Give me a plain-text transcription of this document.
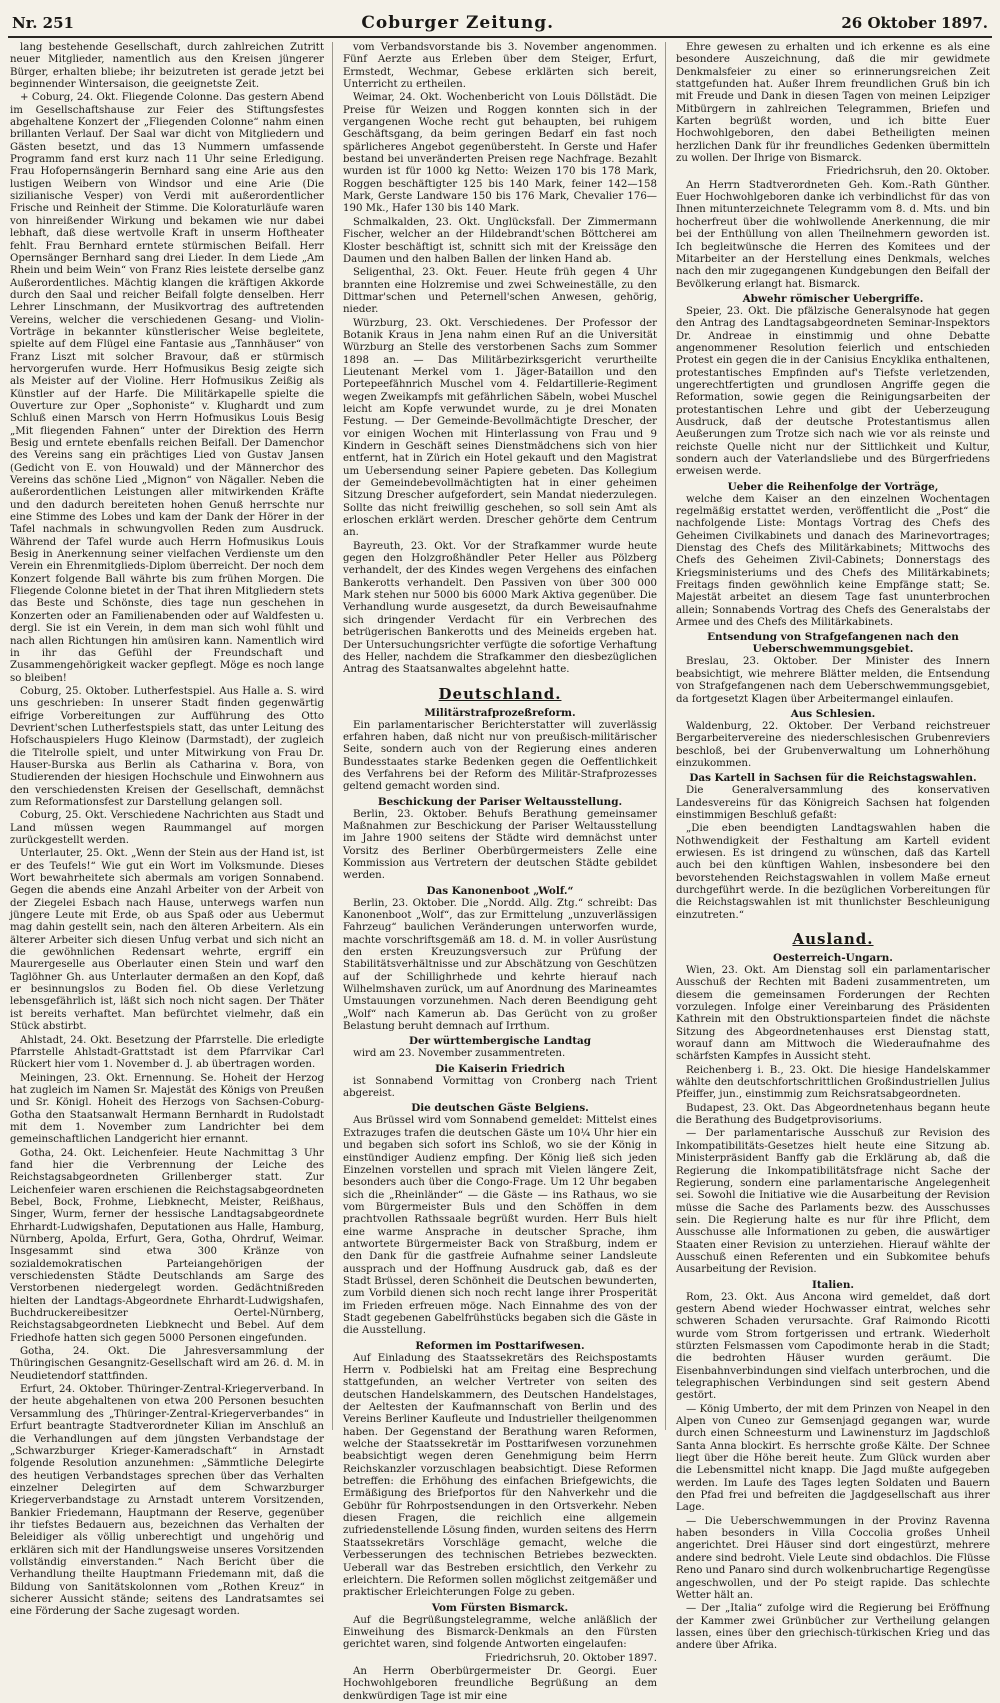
Nr. 251	Coburger Zeitung.	26 Oktober 1897.

lang bestehende Gesellschaft, durch zahlreichen Zutritt neuer Mitglieder, namentlich aus den Kreisen jüngerer Bürger, erhalten bliebe; ihr beizutreten ist gerade jetzt bei beginnender Wintersaison, die geeignetste Zeit.

+ Coburg, 24. Okt. Fliegende Colonne. Das gestern Abend im Gesellschaftshause zur Feier des Stiftungsfestes abgehaltene Konzert der „Fliegenden Colonne“ nahm einen brillanten Verlauf. Der Saal war dicht von Mitgliedern und Gästen besetzt, und das 13 Nummern umfassende Programm fand erst kurz nach 11 Uhr seine Erledigung. Frau Hofopernsängerin Bernhard sang eine Arie aus den lustigen Weibern von Windsor und eine Arie (Die sizilianische Vesper) von Verdi mit außerordentlicher Frische und Reinheit der Stimme. Die Koloraturläufe waren von hinreißender Wirkung und bekamen wie nur dabei lebhaft, daß diese wertvolle Kraft in unserm Hoftheater fehlt. Frau Bernhard erntete stürmischen Beifall. Herr Opernsänger Bernhard sang drei Lieder. In dem Liede „Am Rhein und beim Wein“ von Franz Ries leistete derselbe ganz Außerordentliches. Mächtig klangen die kräftigen Akkorde durch den Saal und reicher Beifall folgte denselben. Herr Lehrer Linschmann, der Musikvortrag des auftretenden Vereins, welcher die verschiedenen Gesang- und Violin-Vorträge in bekannter künstlerischer Weise begleitete, spielte auf dem Flügel eine Fantasie aus „Tannhäuser“ von Franz Liszt mit solcher Bravour, daß er stürmisch hervorgerufen wurde. Herr Hofmusikus Besig zeigte sich als Meister auf der Violine. Herr Hofmusikus Zeißig als Künstler auf der Harfe. Die Militärkapelle spielte die Ouverture zur Oper „Sophoniste“ v. Klughardt und zum Schluß einen Marsch von Herrn Hofmusikus Louis Besig „Mit fliegenden Fahnen“ unter der Direktion des Herrn Besig und erntete ebenfalls reichen Beifall. Der Damenchor des Vereins sang ein prächtiges Lied von Gustav Jansen (Gedicht von E. von Houwald) und der Männerchor des Vereins das schöne Lied „Mignon“ von Nägaller. Neben die außerordentlichen Leistungen aller mitwirkenden Kräfte und den dadurch bereiteten hohen Genuß herrschte nur eine Stimme des Lobes und kam der Dank der Hörer in der Tafel nachmals in schwungvollen Reden zum Ausdruck. Während der Tafel wurde auch Herrn Hofmusikus Louis Besig in Anerkennung seiner vielfachen Verdienste um den Verein ein Ehrenmitglieds-Diplom überreicht. Der noch dem Konzert folgende Ball währte bis zum frühen Morgen. Die Fliegende Colonne bietet in der That ihren Mitgliedern stets das Beste und Schönste, dies tage nun geschehen in Konzerten oder an Familienabenden oder auf Waldfesten u. dergl. Sie ist ein Verein, in dem man sich wohl fühlt und nach allen Richtungen hin amüsiren kann. Namentlich wird in ihr das Gefühl der Freundschaft und Zusammengehörigkeit wacker gepflegt. Möge es noch lange so bleiben!

Coburg, 25. Oktober. Lutherfestspiel. Aus Halle a. S. wird uns geschrieben: In unserer Stadt finden gegenwärtig eifrige Vorbereitungen zur Aufführung des Otto Devrient'schen Lutherfestspiels statt, das unter Leitung des Hofschauspielers Hugo Kleinow (Darmstadt), der zugleich die Titelrolle spielt, und unter Mitwirkung von Frau Dr. Hauser-Burska aus Berlin als Catharina v. Bora, von Studierenden der hiesigen Hochschule und Einwohnern aus den verschiedensten Kreisen der Gesellschaft, demnächst zum Reformationsfest zur Darstellung gelangen soll.

Coburg, 25. Okt. Verschiedene Nachrichten aus Stadt und Land müssen wegen Raummangel auf morgen zurückgestellt werden.

Unterlauter, 25. Okt. „Wenn der Stein aus der Hand ist, ist er des Teufels!“ Wie gut ein Wort im Volksmunde. Dieses Wort bewahrheitete sich abermals am vorigen Sonnabend. Gegen die abends eine Anzahl Arbeiter von der Arbeit von der Ziegelei Esbach nach Hause, unterwegs warfen nun jüngere Leute mit Erde, ob aus Spaß oder aus Uebermut mag dahin gestellt sein, nach den älteren Arbeitern. Als ein älterer Arbeiter sich diesen Unfug verbat und sich nicht an die gewöhnlichen Redensart wehrte, ergriff ein Maurergeselle aus Oberlauter einen Stein und warf den Taglöhner Gh. aus Unterlauter dermaßen an den Kopf, daß er besinnungslos zu Boden fiel. Ob diese Verletzung lebensgefährlich ist, läßt sich noch nicht sagen. Der Thäter ist bereits verhaftet. Man befürchtet vielmehr, daß ein Stück abstirbt.

Ahlstadt, 24. Okt. Besetzung der Pfarrstelle. Die erledigte Pfarrstelle Ahlstadt-Grattstadt ist dem Pfarrvikar Carl Rückert hier vom 1. November d. J. ab übertragen worden.

Meiningen, 23. Okt. Ernennung. Se. Hoheit der Herzog hat zugleich im Namen Sr. Majestät des Königs von Preußen und Sr. Königl. Hoheit des Herzogs von Sachsen-Coburg-Gotha den Staatsanwalt Hermann Bernhardt in Rudolstadt mit dem 1. November zum Landrichter bei dem gemeinschaftlichen Landgericht hier ernannt.

Gotha, 24. Okt. Leichenfeier. Heute Nachmittag 3 Uhr fand hier die Verbrennung der Leiche des Reichstagsabgeordneten Grillenberger statt. Zur Leichenfeier waren erschienen die Reichstagsabgeordneten Bebel, Bock, Frohme, Liebknecht, Meister, Reißhaus, Singer, Wurm, ferner der hessische Landtagsabgeordnete Ehrhardt-Ludwigshafen, Deputationen aus Halle, Hamburg, Nürnberg, Apolda, Erfurt, Gera, Gotha, Ohrdruf, Weimar. Insgesammt sind etwa 300 Kränze von sozialdemokratischen Parteiangehörigen der verschiedensten Städte Deutschlands am Sarge des Verstorbenen niedergelegt worden. Gedächtnißreden hielten der Landtags-Abgeordnete Ehrhardt-Ludwigshafen, Buchdruckereibesitzer Oertel-Nürnberg, Reichstagsabgeordneten Liebknecht und Bebel. Auf dem Friedhofe hatten sich gegen 5000 Personen eingefunden.

Gotha, 24. Okt. Die Jahresversammlung der Thüringischen Gesangnitz-Gesellschaft wird am 26. d. M. in Neudietendorf stattfinden.

Erfurt, 24. Oktober. Thüringer-Zentral-Kriegerverband. In der heute abgehaltenen von etwa 200 Personen besuchten Versammlung des „Thüringer-Zentral-Kriegerverbandes“ in Erfurt beantragte Stadtverordneter Kilian im Anschluß an die Verhandlungen auf dem jüngsten Verbandstage der „Schwarzburger Krieger-Kameradschaft“ in Arnstadt folgende Resolution anzunehmen: „Sämmtliche Delegirte des heutigen Verbandstages sprechen über das Verhalten einzelner Delegirten auf dem Schwarzburger Kriegerverbandstage zu Arnstadt unterem Vorsitzenden, Bankier Friedemann, Hauptmann der Reserve, gegenüber ihr tiefstes Bedauern aus, bezeichnen das Verhalten der Beleidiger als völlig unberechtigt und ungehörig und erklären sich mit der Handlungsweise unseres Vorsitzenden vollständig einverstanden.“ Nach Bericht über die Verhandlung theilte Hauptmann Friedemann mit, daß die Bildung von Sanitätskolonnen vom „Rothen Kreuz“ in sicherer Aussicht stände; seitens des Landratsamtes sei eine Förderung der Sache zugesagt worden.

vom Verbandsvorstande bis 3. November angenommen. Fünf Aerzte aus Erleben über dem Steiger, Erfurt, Ermstedt, Wechmar, Gebese erklärten sich bereit, Unterricht zu ertheilen.

Weimar, 24. Okt. Wochenbericht von Louis Döllstädt. Die Preise für Weizen und Roggen konnten sich in der vergangenen Woche recht gut behaupten, bei ruhigem Geschäftsgang, da beim geringen Bedarf ein fast noch spärlicheres Angebot gegenübersteht. In Gerste und Hafer bestand bei unveränderten Preisen rege Nachfrage. Bezahlt wurden ist für 1000 kg Netto: Weizen 170 bis 178 Mark, Roggen beschäftigter 125 bis 140 Mark, feiner 142—158 Mark, Gerste Landware 150 bis 176 Mark, Chevalier 176—190 Mk., Hafer 130 bis 140 Mark.

Schmalkalden, 23. Okt. Unglücksfall. Der Zimmermann Fischer, welcher an der Hildebrandt'schen Böttcherei am Kloster beschäftigt ist, schnitt sich mit der Kreissäge den Daumen und den halben Ballen der linken Hand ab.

Seligenthal, 23. Okt. Feuer. Heute früh gegen 4 Uhr brannten eine Holzremise und zwei Schweineställe, zu den Dittmar'schen und Peternell'schen Anwesen, gehörig, nieder.

Würzburg, 23. Okt. Verschiedenes. Der Professor der Botanik Kraus in Jena nahm einen Ruf an die Universität Würzburg an Stelle des verstorbenen Sachs zum Sommer 1898 an. — Das Militärbezirksgericht verurtheilte Lieutenant Merkel vom 1. Jäger-Bataillon und den Portepeefähnrich Muschel vom 4. Feldartillerie-Regiment wegen Zweikampfs mit gefährlichen Säbeln, wobei Muschel leicht am Kopfe verwundet wurde, zu je drei Monaten Festung. — Der Gemeinde-Bevollmächtigte Drescher, der vor einigen Wochen mit Hinterlassung von Frau und 9 Kindern in Geschäft seines Dienstmädchens sich von hier entfernt, hat in Zürich ein Hotel gekauft und den Magistrat um Uebersendung seiner Papiere gebeten. Das Kollegium der Gemeindebevollmächtigten hat in einer geheimen Sitzung Drescher aufgefordert, sein Mandat niederzulegen. Sollte das nicht freiwillig geschehen, so soll sein Amt als erloschen erklärt werden. Drescher gehörte dem Centrum an.

Bayreuth, 23. Okt. Vor der Strafkammer wurde heute gegen den Holzgroßhändler Peter Heller aus Pölzberg verhandelt, der des Kindes wegen Vergehens des einfachen Bankerotts verhandelt. Den Passiven von über 300 000 Mark stehen nur 5000 bis 6000 Mark Aktiva gegenüber. Die Verhandlung wurde ausgesetzt, da durch Beweisaufnahme sich dringender Verdacht für ein Verbrechen des betrügerischen Bankerotts und des Meineids ergeben hat. Der Untersuchungsrichter verfügte die sofortige Verhaftung des Heller, nachdem die Strafkammer den diesbezüglichen Antrag des Staatsanwaltes abgelehnt hatte.

Deutschland.
Militärstrafprozeßreform.

Ein parlamentarischer Berichterstatter will zuverlässig erfahren haben, daß nicht nur von preußisch-militärischer Seite, sondern auch von der Regierung eines anderen Bundesstaates starke Bedenken gegen die Oeffentlichkeit des Verfahrens bei der Reform des Militär-Strafprozesses geltend gemacht worden sind.

Beschickung der Pariser Weltausstellung.

Berlin, 23. Oktober. Behufs Berathung gemeinsamer Maßnahmen zur Beschickung der Pariser Weltausstellung im Jahre 1900 seitens der Städte wird demnächst unter Vorsitz des Berliner Oberbürgermeisters Zelle eine Kommission aus Vertretern der deutschen Städte gebildet werden.

Das Kanonenboot „Wolf.“

Berlin, 23. Oktober. Die „Nordd. Allg. Ztg.“ schreibt: Das Kanonenboot „Wolf“, das zur Ermittelung „unzuverlässigen Fahrzeug“ baulichen Veränderungen unterworfen wurde, machte vorschriftsgemäß am 18. d. M. in voller Ausrüstung den ersten Kreuzungsversuch zur Prüfung der Stabilitätsverhältnisse und zur Abschätzung von Geschützen auf der Schillighrhede und kehrte hierauf nach Wilhelmshaven zurück, um auf Anordnung des Marineamtes Umstauungen vorzunehmen. Nach deren Beendigung geht „Wolf“ nach Kamerun ab. Das Gerücht von zu großer Belastung beruht demnach auf Irrthum.

Der württembergische Landtag

wird am 23. November zusammentreten.

Die Kaiserin Friedrich

ist Sonnabend Vormittag von Cronberg nach Trient abgereist.

Die deutschen Gäste Belgiens.

Aus Brüssel wird vom Sonnabend gemeldet: Mittelst eines Extrazuges trafen die deutschen Gäste um 10¼ Uhr hier ein und begaben sich sofort ins Schloß, wo sie der König in einstündiger Audienz empfing. Der König ließ sich jeden Einzelnen vorstellen und sprach mit Vielen längere Zeit, besonders auch über die Congo-Frage. Um 12 Uhr begaben sich die „Rheinländer“ — die Gäste — ins Rathaus, wo sie vom Bürgermeister Buls und den Schöffen in dem prachtvollen Rathssaale begrüßt wurden. Herr Buls hielt eine warme Ansprache in deutscher Sprache, ihm antwortete Bürgermeister Back von Straßburg, indem er den Dank für die gastfreie Aufnahme seiner Landsleute aussprach und der Hoffnung Ausdruck gab, daß es der Stadt Brüssel, deren Schönheit die Deutschen bewunderten, zum Vorbild dienen sich noch recht lange ihrer Prosperität im Frieden erfreuen möge. Nach Einnahme des von der Stadt gegebenen Gabelfrühstücks begaben sich die Gäste in die Ausstellung.

Reformen im Posttarifwesen.

Auf Einladung des Staatssekretärs des Reichspostamts Herrn v. Podbielski hat am Freitag eine Besprechung stattgefunden, an welcher Vertreter von seiten des deutschen Handelskammern, des Deutschen Handelstages, der Aeltesten der Kaufmannschaft von Berlin und des Vereins Berliner Kaufleute und Industrieller theilgenommen haben. Der Gegenstand der Berathung waren Reformen, welche der Staatssekretär im Posttarifwesen vorzunehmen beabsichtigt wegen deren Genehmigung beim Herrn Reichskanzler vorzuschlagen beabsichtigt. Diese Reformen betreffen: die Erhöhung des einfachen Briefgewichts, die Ermäßigung des Briefportos für den Nahverkehr und die Gebühr für Rohrpostsendungen in den Ortsverkehr. Neben diesen Fragen, die reichlich eine allgemein zufriedenstellende Lösung finden, wurden seitens des Herrn Staatssekretärs Vorschläge gemacht, welche die Verbesserungen des technischen Betriebes bezweckten. Ueberall war das Bestreben ersichtlich, den Verkehr zu erleichtern. Die Reformen sollen möglichst zeitgemäßer und praktischer Erleichterungen Folge zu geben.

Vom Fürsten Bismarck.

Auf die Begrüßungstelegramme, welche anläßlich der Einweihung des Bismarck-Denkmals an den Fürsten gerichtet waren, sind folgende Antworten eingelaufen:

Friedrichsruh, 20. Oktober 1897.

An Herrn Oberbürgermeister Dr. Georgi. Euer Hochwohlgeboren freundliche Begrüßung an dem denkwürdigen Tage ist mir eine

Ehre gewesen zu erhalten und ich erkenne es als eine besondere Auszeichnung, daß die mir gewidmete Denkmalsfeier zu einer so erinnerungsreichen Zeit stattgefunden hat. Außer Ihrem freundlichen Gruß bin ich mit Freude und Dank in diesen Tagen von meinen Leipziger Mitbürgern in zahlreichen Telegrammen, Briefen und Karten begrüßt worden, und ich bitte Euer Hochwohlgeboren, den dabei Betheiligten meinen herzlichen Dank für ihr freundliches Gedenken übermitteln zu wollen. Der Ihrige von Bismarck.

Friedrichsruh, den 20. Oktober.

An Herrn Stadtverordneten Geh. Kom.-Rath Günther. Euer Hochwohlgeboren danke ich verbindlichst für das von Ihnen mitunterzeichnete Telegramm vom 8. d. Mts. und bin hocherfreut über die wohlwollende Anerkennung, die mir bei der Enthüllung von allen Theilnehmern geworden ist. Ich begleitwünsche die Herren des Komitees und der Mitarbeiter an der Herstellung eines Denkmals, welches nach den mir zugegangenen Kundgebungen den Beifall der Bevölkerung erlangt hat. Bismarck.

Abwehr römischer Uebergriffe.

Speier, 23. Okt. Die pfälzische Generalsynode hat gegen den Antrag des Landtagsabgeordneten Seminar-Inspektors Dr. Andreae in einstimmig und ohne Debatte angenommener Resolution feierlich und entschieden Protest ein gegen die in der Canisius Encyklika enthaltenen, protestantisches Empfinden auf's Tiefste verletzenden, ungerechtfertigten und grundlosen Angriffe gegen die Reformation, sowie gegen die Reinigungsarbeiten der protestantischen Lehre und gibt der Ueberzeugung Ausdruck, daß der deutsche Protestantismus allen Aeußerungen zum Trotze sich nach wie vor als reinste und reichste Quelle nicht nur der Sittlichkeit und Kultur, sondern auch der Vaterlandsliebe und des Bürgerfriedens erweisen werde.

Ueber die Reihenfolge der Vorträge,

welche dem Kaiser an den einzelnen Wochentagen regelmäßig erstattet werden, veröffentlicht die „Post“ die nachfolgende Liste: Montags Vortrag des Chefs des Geheimen Civilkabinets und danach des Marinevortrages; Dienstag des Chefs des Militärkabinets; Mittwochs des Chefs des Geheimen Zivil-Cabinets; Donnerstags des Kriegsministeriums und des Chefs des Militärkabinets; Freitags finden gewöhnlich keine Empfänge statt; Se. Majestät arbeitet an diesem Tage fast ununterbrochen allein; Sonnabends Vortrag des Chefs des Generalstabs der Armee und des Chefs des Militärkabinets.

Entsendung von Strafgefangenen nach den Ueberschwemmungsgebiet.

Breslau, 23. Oktober. Der Minister des Innern beabsichtigt, wie mehrere Blätter melden, die Entsendung von Strafgefangenen nach dem Ueberschwemmungsgebiet, da fortgesetzt Klagen über Arbeitermangel einlaufen.

Aus Schlesien.

Waldenburg, 22. Oktober. Der Verband reichstreuer Bergarbeitervereine des niederschlesischen Grubenreviers beschloß, bei der Grubenverwaltung um Lohnerhöhung einzukommen.

Das Kartell in Sachsen für die Reichstagswahlen.

Die Generalversammlung des konservativen Landesvereins für das Königreich Sachsen hat folgenden einstimmigen Beschluß gefaßt:

„Die eben beendigten Landtagswahlen haben die Nothwendigkeit der Festhaltung am Kartell evident erwiesen. Es ist dringend zu wünschen, daß das Kartell auch bei den künftigen Wahlen, insbesondere bei den bevorstehenden Reichstagswahlen in vollem Maße erneut durchgeführt werde. In die bezüglichen Vorbereitungen für die Reichstagswahlen ist mit thunlichster Beschleunigung einzutreten.“

Ausland.
Oesterreich-Ungarn.

Wien, 23. Okt. Am Dienstag soll ein parlamentarischer Ausschuß der Rechten mit Badeni zusammentreten, um diesem die gemeinsamen Forderungen der Rechten vorzulegen. Infolge einer Vereinbarung des Präsidenten Kathrein mit den Obstruktionsparteien findet die nächste Sitzung des Abgeordnetenhauses erst Dienstag statt, worauf dann am Mittwoch die Wiederaufnahme des schärfsten Kampfes in Aussicht steht.

Reichenberg i. B., 23. Okt. Die hiesige Handelskammer wählte den deutschfortschrittlichen Großindustriellen Julius Pfeiffer, jun., einstimmig zum Reichsratsabgeordneten.

Budapest, 23. Okt. Das Abgeordnetenhaus begann heute die Berathung des Budgetprovisoriums.

— Der parlamentarische Ausschuß zur Revision des Inkompatibilitäts-Gesetzes hielt heute eine Sitzung ab. Ministerpräsident Banffy gab die Erklärung ab, daß die Regierung die Inkompatibilitätsfrage nicht Sache der Regierung, sondern eine parlamentarische Angelegenheit sei. Sowohl die Initiative wie die Ausarbeitung der Revision müsse die Sache des Parlaments bezw. des Ausschusses sein. Die Regierung halte es nur für ihre Pflicht, dem Ausschusse alle Informationen zu geben, die auswärtiger Staaten einer Revision zu unterziehen. Hierauf wählte der Ausschuß einen Referenten und ein Subkomitee behufs Ausarbeitung der Revision.

Italien.

Rom, 23. Okt. Aus Ancona wird gemeldet, daß dort gestern Abend wieder Hochwasser eintrat, welches sehr schweren Schaden verursachte. Graf Raimondo Ricotti wurde vom Strom fortgerissen und ertrank. Wiederholt stürzten Felsmassen vom Capodimonte herab in die Stadt; die bedrohten Häuser wurden geräumt. Die Eisenbahnverbindungen sind vielfach unterbrochen, und die telegraphischen Verbindungen sind seit gestern Abend gestört.

— König Umberto, der mit dem Prinzen von Neapel in den Alpen von Cuneo zur Gemsenjagd gegangen war, wurde durch einen Schneesturm und Lawinensturz im Jagdschloß Santa Anna blockirt. Es herrschte große Kälte. Der Schnee liegt über die Höhe bereit heute. Zum Glück wurden aber die Lebensmittel nicht knapp. Die Jagd mußte aufgegeben werden. Im Laufe des Tages legten Soldaten und Bauern den Pfad frei und befreiten die Jagdgesellschaft aus ihrer Lage.

— Die Ueberschwemmungen in der Provinz Ravenna haben besonders in Villa Coccolia großes Unheil angerichtet. Drei Häuser sind dort eingestürzt, mehrere andere sind bedroht. Viele Leute sind obdachlos. Die Flüsse Reno und Panaro sind durch wolkenbruchartige Regengüsse angeschwollen, und der Po steigt rapide. Das schlechte Wetter hält an.

— Der „Italia“ zufolge wird die Regierung bei Eröffnung der Kammer zwei Grünbücher zur Vertheilung gelangen lassen, eines über den griechisch-türkischen Krieg und das andere über Afrika.
